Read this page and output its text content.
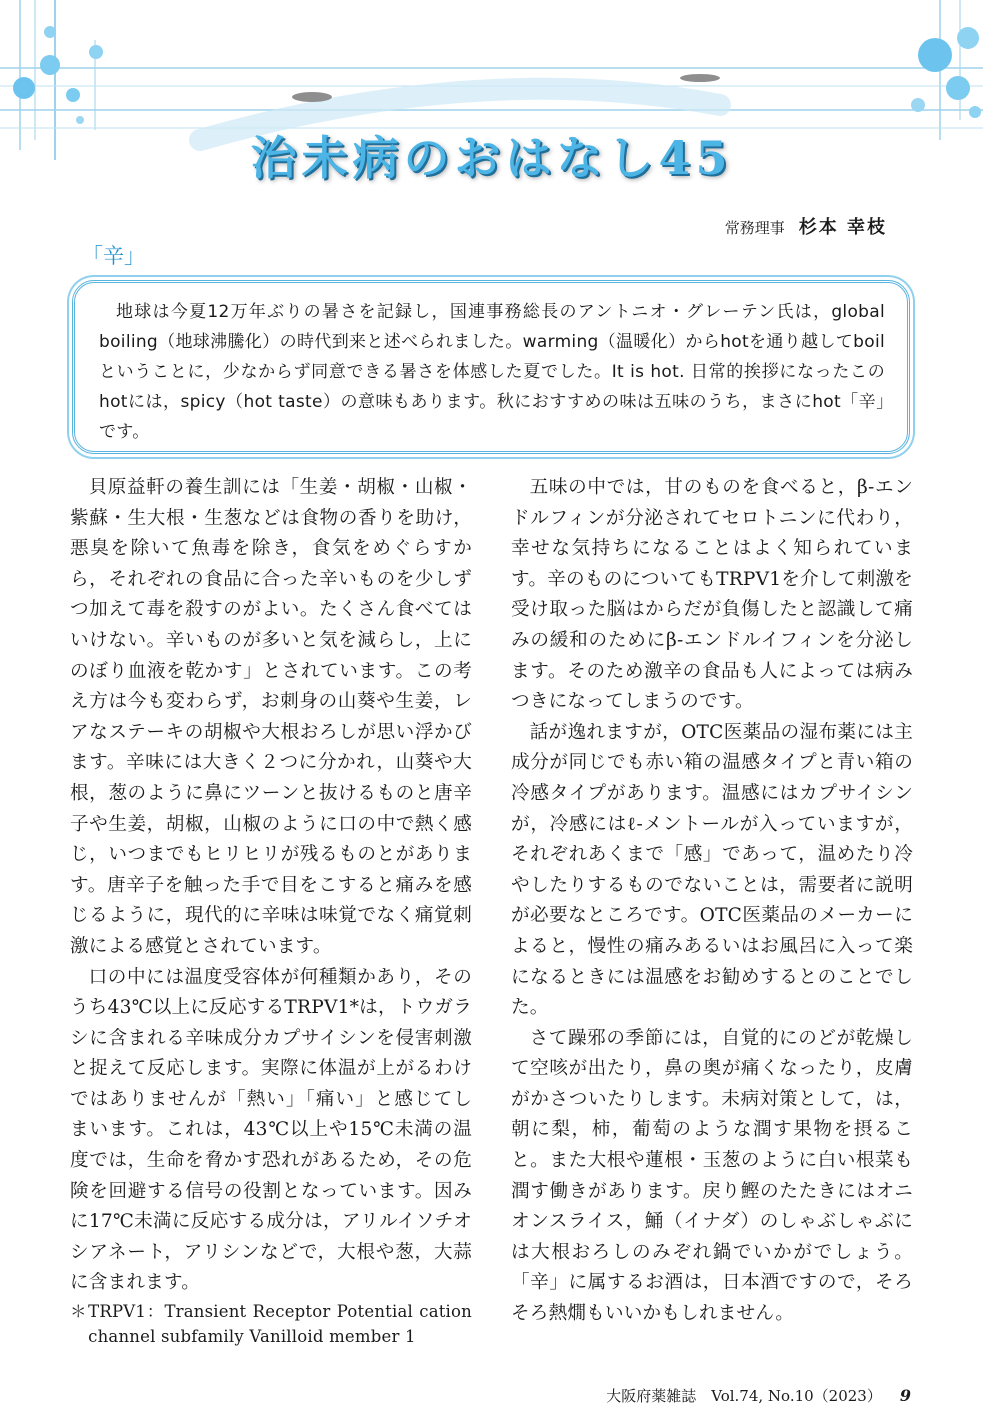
治未病のおはなし45
常務理事 杉本 幸枝
「辛」

地球は今夏12万年ぶりの暑さを記録し，国連事務総長のアントニオ・グレーテン氏は，global boiling（地球沸騰化）の時代到来と述べられました。warming（温暖化）からhotを通り越してboilということに，少なからず同意できる暑さを体感した夏でした。It is hot. 日常的挨拶になったこのhotには，spicy（hot taste）の意味もあります。秋におすすめの味は五味のうち，まさにhot「辛」です。

貝原益軒の養生訓には「生姜・胡椒・山椒・紫蘇・生大根・生葱などは食物の香りを助け，悪臭を除いて魚毒を除き，食気をめぐらすから，それぞれの食品に合った辛いものを少しずつ加えて毒を殺すのがよい。たくさん食べてはいけない。辛いものが多いと気を減らし，上にのぼり血液を乾かす」とされています。この考え方は今も変わらず，お刺身の山葵や生姜，レアなステーキの胡椒や大根おろしが思い浮かびます。辛味には大きく２つに分かれ，山葵や大根，葱のように鼻にツーンと抜けるものと唐辛子や生姜，胡椒，山椒のように口の中で熱く感じ，いつまでもヒリヒリが残るものとがあります。唐辛子を触った手で目をこすると痛みを感じるように，現代的に辛味は味覚でなく痛覚刺激による感覚とされています。

口の中には温度受容体が何種類かあり，そのうち43℃以上に反応するTRPV1*は，トウガラシに含まれる辛味成分カプサイシンを侵害刺激と捉えて反応します。実際に体温が上がるわけではありませんが「熱い」「痛い」と感じてしまいます。これは，43℃以上や15℃未満の温度では，生命を脅かす恐れがあるため，その危険を回避する信号の役割となっています。因みに17℃未満に反応する成分は，アリルイソチオシアネート，アリシンなどで，大根や葱，大蒜に含まれます。

＊ TRPV1：Transient Receptor Potential cation channel subfamily Vanilloid member 1

五味の中では，甘のものを食べると，β-エンドルフィンが分泌されてセロトニンに代わり，幸せな気持ちになることはよく知られています。辛のものについてもTRPV1を介して刺激を受け取った脳はからだが負傷したと認識して痛みの緩和のためにβ-エンドルイフィンを分泌します。そのため激辛の食品も人によっては病みつきになってしまうのです。

話が逸れますが，OTC医薬品の湿布薬には主成分が同じでも赤い箱の温感タイプと青い箱の冷感タイプがあります。温感にはカプサイシンが，冷感にはℓ-メントールが入っていますが，それぞれあくまで「感」であって，温めたり冷やしたりするものでないことは，需要者に説明が必要なところです。OTC医薬品のメーカーによると，慢性の痛みあるいはお風呂に入って楽になるときには温感をお勧めするとのことでした。

さて躁邪の季節には，自覚的にのどが乾燥して空咳が出たり，鼻の奥が痛くなったり，皮膚がかさついたりします。未病対策として，は，朝に梨，柿，葡萄のような潤す果物を摂ること。また大根や蓮根・玉葱のように白い根菜も潤す働きがあります。戻り鰹のたたきにはオニオンスライス，鯒（イナダ）のしゃぶしゃぶには大根おろしのみぞれ鍋でいかがでしょう。「辛」に属するお酒は，日本酒ですので，そろそろ熱燗もいいかもしれません。

大阪府薬雑誌　Vol.74, No.10（2023） 9
